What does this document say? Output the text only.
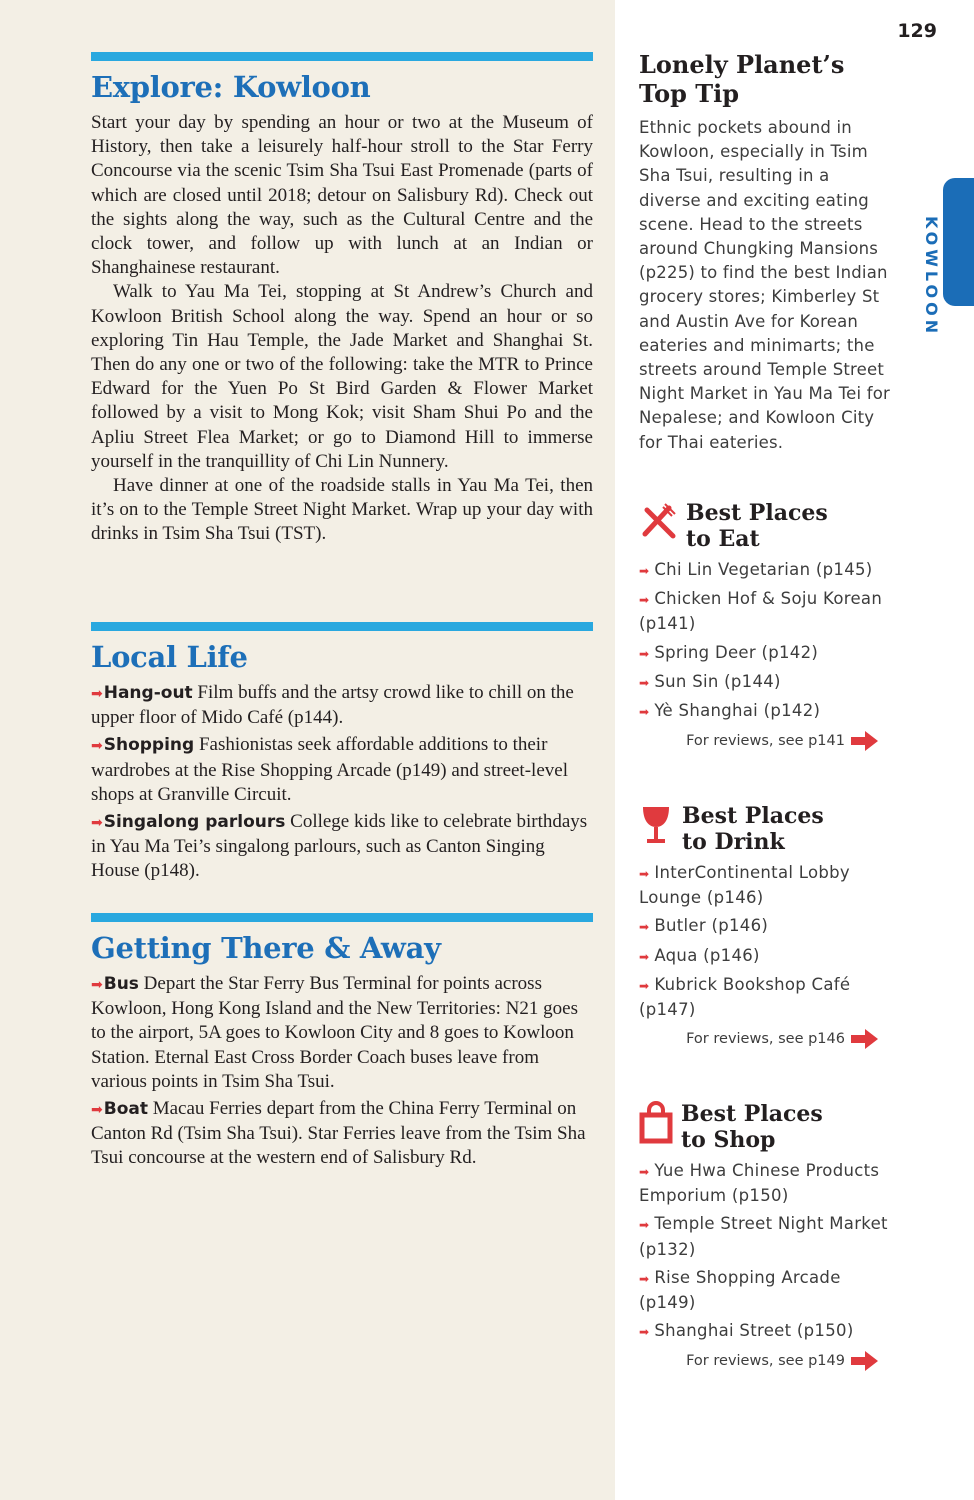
Explore: Kowloon

Start your day by spending an hour or two at the Museum of History, then take a leisurely half-hour stroll to the Star Ferry Concourse via the scenic Tsim Sha Tsui East Promenade (parts of which are closed until 2018; detour on Salisbury Rd). Check out the sights along the way, such as the Cultural Centre and the clock tower, and follow up with lunch at an Indian or Shanghainese restaurant.

Walk to Yau Ma Tei, stopping at St Andrew’s Church and Kowloon British School along the way. Spend an hour or so exploring Tin Hau Temple, the Jade Market and Shanghai St. Then do any one or two of the following: take the MTR to Prince Edward for the Yuen Po St Bird Garden & Flower Market followed by a visit to Mong Kok; visit Sham Shui Po and the Apliu Street Flea Market; or go to Diamond Hill to immerse yourself in the tranquillity of Chi Lin Nunnery.

Have dinner at one of the roadside stalls in Yau Ma Tei, then it’s on to the Temple Street Night Market. Wrap up your day with drinks in Tsim Sha Tsui (TST).

Local Life

➡Hang-out Film buffs and the artsy crowd like to chill on the upper floor of Mido Café (p144).

➡Shopping Fashionistas seek affordable additions to their wardrobes at the Rise Shopping Arcade (p149) and street-level shops at Granville Circuit.

➡Singalong parlours College kids like to celebrate birthdays in Yau Ma Tei’s singalong parlours, such as Canton Singing House (p148).

Getting There & Away

➡Bus Depart the Star Ferry Bus Terminal for points across Kowloon, Hong Kong Island and the New Territories: N21 goes to the airport, 5A goes to Kowloon City and 8 goes to Kowloon Station. Eternal East Cross Border Coach buses leave from various points in Tsim Sha Tsui.

➡Boat Macau Ferries depart from the China Ferry Terminal on Canton Rd (Tsim Sha Tsui). Star Ferries leave from the Tsim Sha Tsui concourse at the western end of Salisbury Rd.

129
KOWLOON
Lonely Planet’s
Top Tip

Ethnic pockets abound in Kowloon, especially in Tsim Sha Tsui, resulting in a diverse and exciting eating scene. Head to the streets around Chungking Mansions (p225) to find the best Indian grocery stores; Kimberley St and Austin Ave for Korean eateries and minimarts; the streets around Temple Street Night Market in Yau Ma Tei for Nepalese; and Kowloon City for Thai eateries.

Best Places
to Eat
➡ Chi Lin Vegetarian (p145)
➡ Chicken Hof & Soju Korean (p141)
➡ Spring Deer (p142)
➡ Sun Sin (p144)
➡ Yè Shanghai (p142)
For reviews, see p141
Best Places
to Drink
➡ InterContinental Lobby Lounge (p146)
➡ Butler (p146)
➡ Aqua (p146)
➡ Kubrick Bookshop Café (p147)
For reviews, see p146
Best Places
to Shop
➡ Yue Hwa Chinese Products Emporium (p150)
➡ Temple Street Night Market (p132)
➡ Rise Shopping Arcade (p149)
➡ Shanghai Street (p150)
For reviews, see p149
